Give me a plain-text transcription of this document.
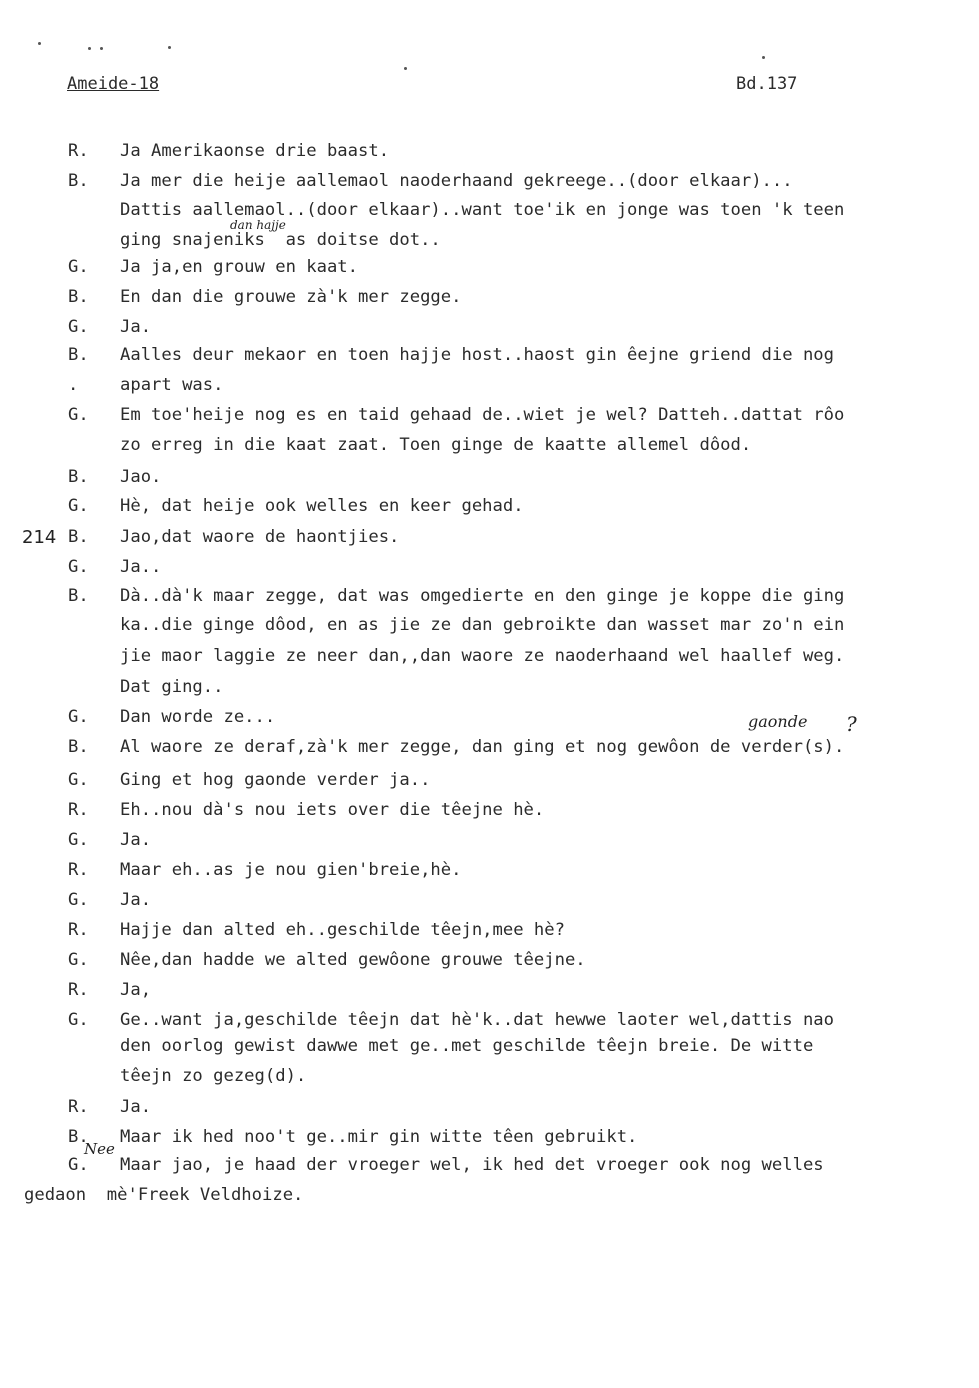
Ameide-18	Bd.137
214
dan hajje
gaonde ?
Nee
R.	Ja Amerikaonse drie baast.
B.	Ja mer die heije aallemaol naoderhaand gekreege..(door elkaar)...
Dattis aallemaol..(door elkaar)..want toe'ik en jonge was toen 'k teen
ging snajeniks  as doitse dot..
G.	Ja ja,en grouw en kaat.
B.	En dan die grouwe zà'k mer zegge.
G.	Ja.
B.	Aalles deur mekaor en toen hajje host..haost gin êejne griend die nog
.	apart was.
G.	Em toe'heije nog es en taid gehaad de..wiet je wel? Datteh..dattat rôo
zo erreg in die kaat zaat. Toen ginge de kaatte allemel dôod.
B.	Jao.
G.	Hè, dat heije ook welles en keer gehad.
B.	Jao,dat waore de haontjies.
G.	Ja..
B.	Dà..dà'k maar zegge, dat was omgedierte en den ginge je koppe die ging
ka..die ginge dôod, en as jie ze dan gebroikte dan wasset mar zo'n ein
jie maor laggie ze neer dan,,dan waore ze naoderhaand wel haallef weg.
Dat ging..
G.	Dan worde ze...
B.	Al waore ze deraf,zà'k mer zegge, dan ging et nog gewôon de verder(s).
G.	Ging et hog gaonde verder ja..
R.	Eh..nou dà's nou iets over die têejne hè.
G.	Ja.
R.	Maar eh..as je nou gien'breie,hè.
G.	Ja.
R.	Hajje dan alted eh..geschilde têejn,mee hè?
G.	Nêe,dan hadde we alted gewôone grouwe têejne.
R.	Ja,
G.	Ge..want ja,geschilde têejn dat hè'k..dat hewwe laoter wel,dattis nao
den oorlog gewist dawwe met ge..met geschilde têejn breie. De witte
têejn zo gezeg(d).
R.	Ja.
B.	Maar ik hed noo't ge..mir gin witte têen gebruikt.
G.	Maar jao, je haad der vroeger wel, ik hed det vroeger ook nog welles
gedaon  mè'Freek Veldhoize.
